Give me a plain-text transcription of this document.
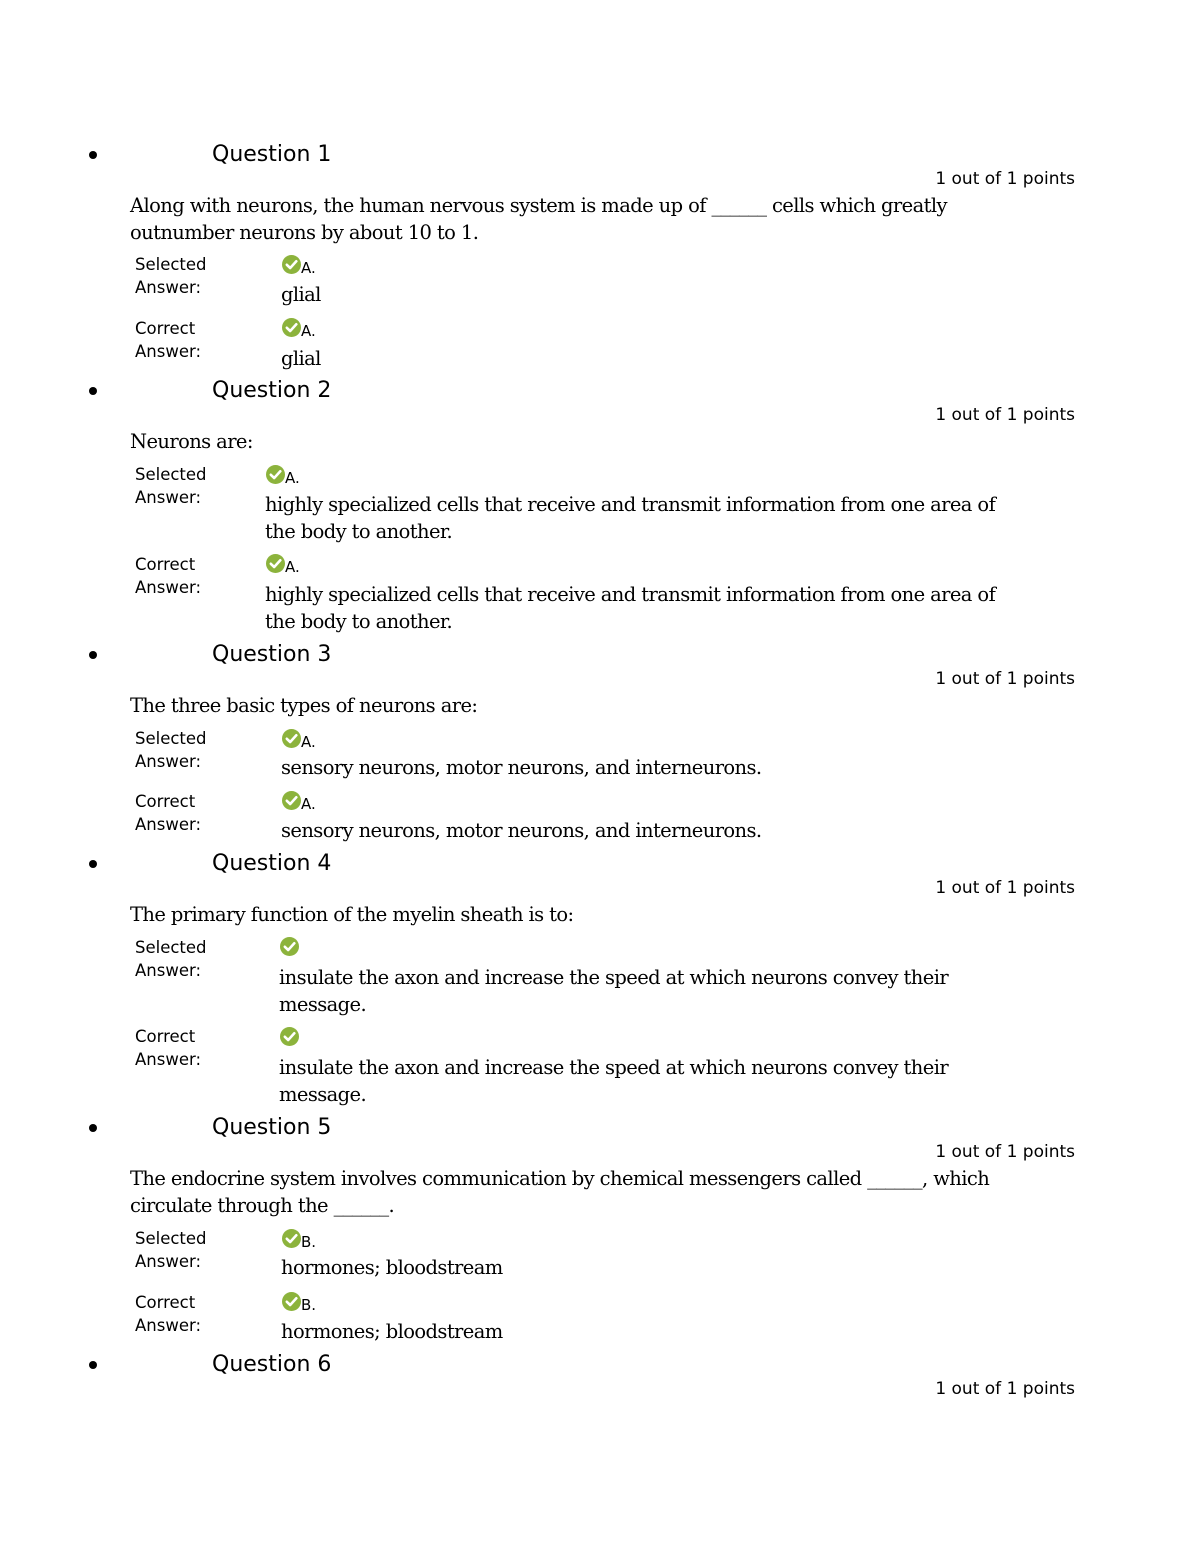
Question 1
1 out of 1 points
Along with neurons, the human nervous system is made up of ______ cells which greatly outnumber neurons by about 10 to 1.
Selected
Answer:
A.
glial
Correct
Answer:
A.
glial
Question 2
1 out of 1 points
Neurons are:
Selected
Answer:
A.
highly specialized cells that receive and transmit information from one area of the body to another.
Correct
Answer:
A.
highly specialized cells that receive and transmit information from one area of the body to another.
Question 3
1 out of 1 points
The three basic types of neurons are:
Selected
Answer:
A.
sensory neurons, motor neurons, and interneurons.
Correct
Answer:
A.
sensory neurons, motor neurons, and interneurons.
Question 4
1 out of 1 points
The primary function of the myelin sheath is to:
Selected
Answer:	insulate the axon and increase the speed at which neurons convey their message.
Correct
Answer:	insulate the axon and increase the speed at which neurons convey their message.
Question 5
1 out of 1 points
The endocrine system involves communication by chemical messengers called ______, which circulate through the ______.
Selected
Answer:
B.
hormones; bloodstream
Correct
Answer:
B.
hormones; bloodstream
Question 6
1 out of 1 points
